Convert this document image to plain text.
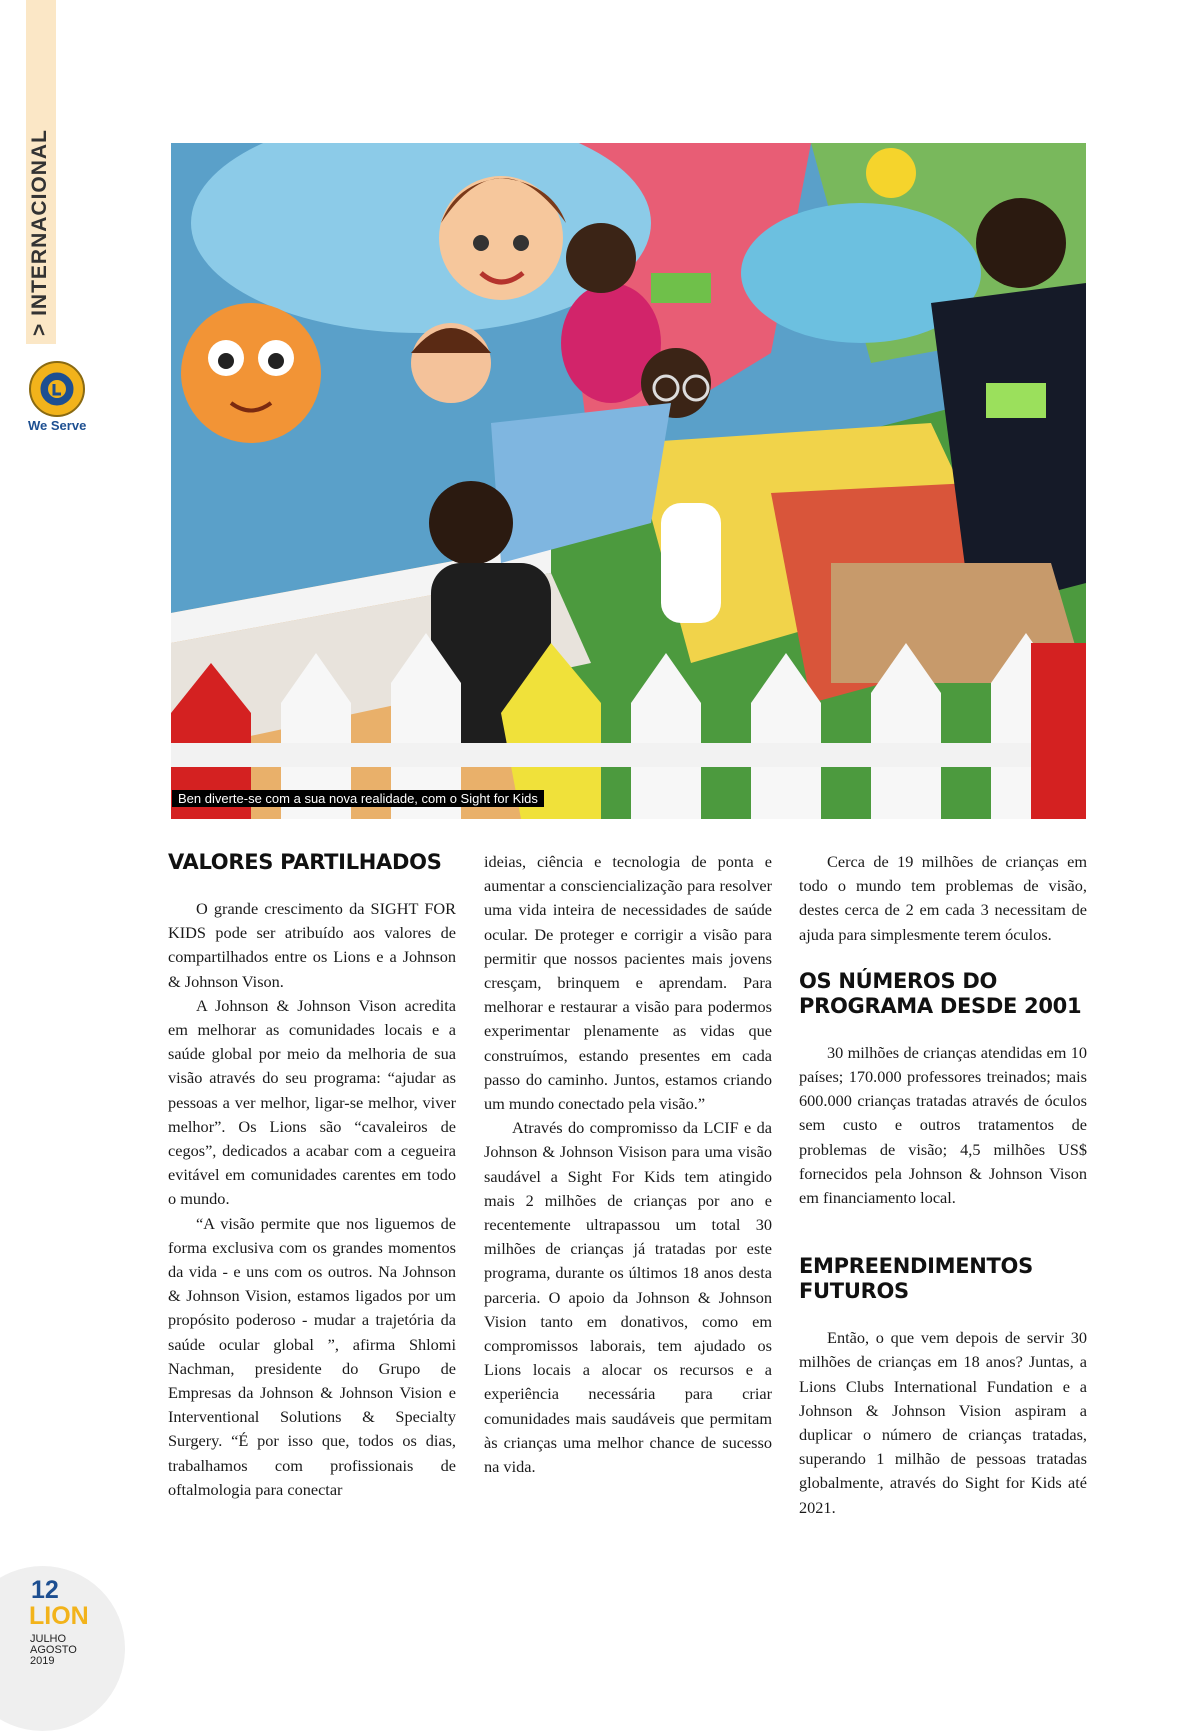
> INTERNACIONAL
We Serve
Ben diverte-se com a sua nova realidade, com o Sight for Kids
VALORES PARTILHADOS

O grande crescimento da SIGHT FOR KIDS pode ser atribuído aos valores de compartilhados entre os Lions e a Johnson & Johnson Vison.

A Johnson & Johnson Vison acredita em melhorar as comunidades locais e a saúde global por meio da melhoria de sua visão através do seu programa: “ajudar as pessoas a ver melhor, ligar-se melhor, viver melhor”. Os Lions são “cavaleiros de cegos”, dedicados a acabar com a cegueira evitável em comunidades carentes em todo o mundo.

“A visão permite que nos liguemos de forma exclusiva com os grandes momentos da vida - e uns com os outros. Na Johnson & Johnson Vision, estamos ligados por um propósito poderoso - mudar a trajetória da saúde ocular global ”, afirma Shlomi Nachman, presidente do Grupo de Empresas da Johnson & Johnson Vision e Interventional Solutions & Specialty Surgery. “É por isso que, todos os dias, trabalhamos com profissionais de oftalmologia para conectar

ideias, ciência e tecnologia de ponta e aumentar a consciencialização para resolver uma vida inteira de necessidades de saúde ocular. De proteger e corrigir a visão para permitir que nossos pacientes mais jovens cresçam, brinquem e aprendam. Para melhorar e restaurar a visão para podermos experimentar plenamente as vidas que construímos, estando presentes em cada passo do caminho. Juntos, estamos criando um mundo conectado pela visão.”

Através do compromisso da LCIF e da Johnson & Johnson Visison para uma visão saudável a Sight For Kids tem atingido mais 2 milhões de crianças por ano e recentemente ultrapassou um total 30 milhões de crianças já tratadas por este programa, durante os últimos 18 anos desta parceria. O apoio da Johnson & Johnson Vision tanto em donativos, como em compromissos laborais, tem ajudado os Lions locais a alocar os recursos e a experiência necessária para criar comunidades mais saudáveis que permitam às crianças uma melhor chance de sucesso na vida.

Cerca de 19 milhões de crianças em todo o mundo tem problemas de visão, destes cerca de 2 em cada 3 necessitam de ajuda para simplesmente terem óculos.

OS NÚMEROS DO PROGRAMA DESDE 2001

30 milhões de crianças atendidas em 10 países; 170.000 professores treinados; mais 600.000 crianças tratadas através de óculos sem custo e outros tratamentos de problemas de visão; 4,5 milhões US$ fornecidos pela Johnson & Johnson Vison em financiamento local.

EMPREENDIMENTOS FUTUROS

Então, o que vem depois de servir 30 milhões de crianças em 18 anos? Juntas, a Lions Clubs International Fundation e a Johnson & Johnson Vision aspiram a duplicar o número de crianças tratadas, superando 1 milhão de pessoas tratadas globalmente, através do Sight for Kids até 2021.

12
LION
JULHO
AGOSTO
2019
